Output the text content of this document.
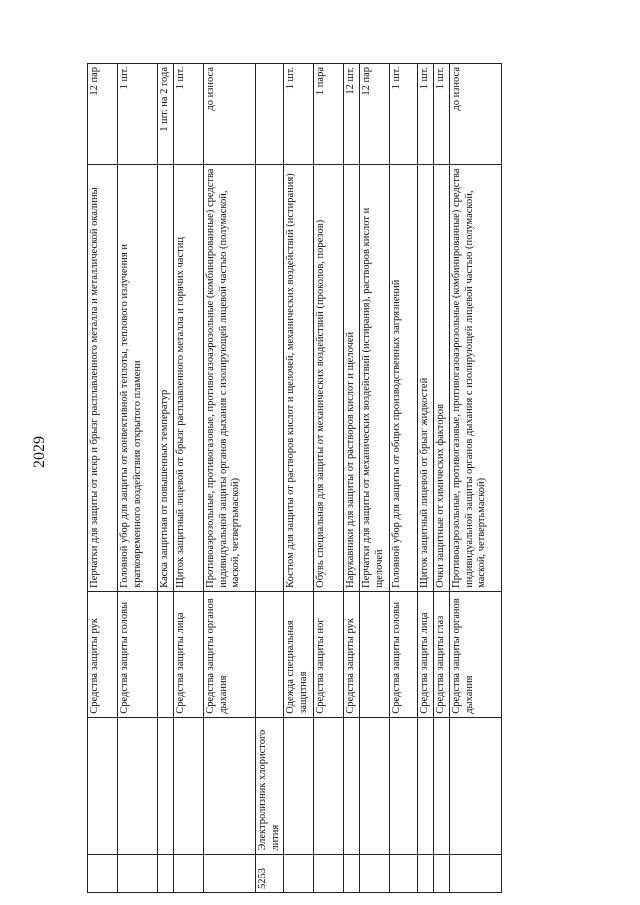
2029
		Средства защиты рук	Перчатки для защиты от искр и брызг расплавленного металла и металлической окалины	12 пар
		Средства защиты головы	Головной убор для защиты от конвективной теплоты, теплового излучения и кратковременного воздействия открытого пламени	1 шт.
			Каска защитная от повышенных температур	1 шт. на 2 года
		Средства защиты лица	Щиток защитный лицевой от брызг расплавленного металла и горячих частиц	1 шт.
		Средства защиты органов дыхания	Противоаэрозольные, противогазовые, противогазоаэрозольные (комбинированные) средства индивидуальной защиты органов дыхания с изолирующей лицевой частью (полумаской, маской, четвертьмаской)	до износа
5253	Электролизник хлористого лития			
		Одежда специальная защитная	Костюм для защиты от растворов кислот и щелочей, механических воздействий (истирания)	1 шт.
		Средства защиты ног	Обувь специальная для защиты от механических воздействий (проколов, порезов)	1 пара
		Средства защиты рук	Нарукавники для защиты от растворов кислот и щелочей	12 шт.
			Перчатки для защиты от механических воздействий (истирания), растворов кислот и щелочей	12 пар
		Средства защиты головы	Головной убор для защиты от общих производственных загрязнений	1 шт.
		Средства защиты лица	Щиток защитный лицевой от брызг жидкостей	1 шт.
		Средства защиты глаз	Очки защитные от химических факторов	1 шт.
		Средства защиты органов дыхания	Противоаэрозольные, противогазовые, противогазоаэрозольные (комбинированные) средства индивидуальной защиты органов дыхания с изолирующей лицевой частью (полумаской, маской, четвертьмаской)	до износа
